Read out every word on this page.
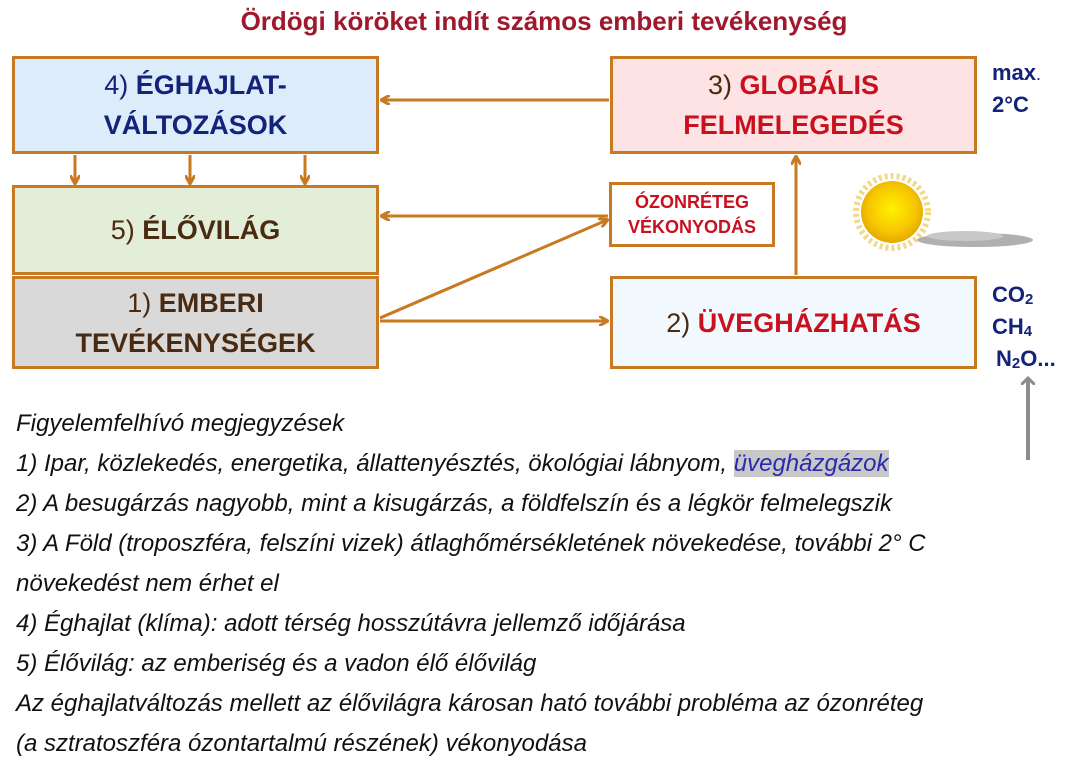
Ördögi köröket indít számos emberi tevékenység
4) ÉGHAJLAT-
VÁLTOZÁSOK
5) ÉLŐVILÁG
1) EMBERI
TEVÉKENYSÉGEK
3) GLOBÁLIS
FELMELEGEDÉS
2) ÜVEGHÁZHATÁS
ÓZONRÉTEG
VÉKONYODÁS
max.
2°C
$CO_2$
$CH_4$
$N_2O$...
Figyelemfelhívó megjegyzések
1) Ipar, közlekedés, energetika, állattenyésztés, ökológiai lábnyom, üvegházgázok
2) A besugárzás nagyobb, mint a kisugárzás, a földfelszín és a légkör felmelegszik
3) A Föld (troposzféra, felszíni vizek) átlaghőmérsékletének növekedése, további 2° C
növekedést nem érhet el
4) Éghajlat (klíma): adott térség hosszútávra jellemző időjárása
5) Élővilág: az emberiség és a vadon élő élővilág
Az éghajlatváltozás mellett az élővilágra károsan ható további probléma az ózonréteg
(a sztratoszféra ózontartalmú részének) vékonyodása
